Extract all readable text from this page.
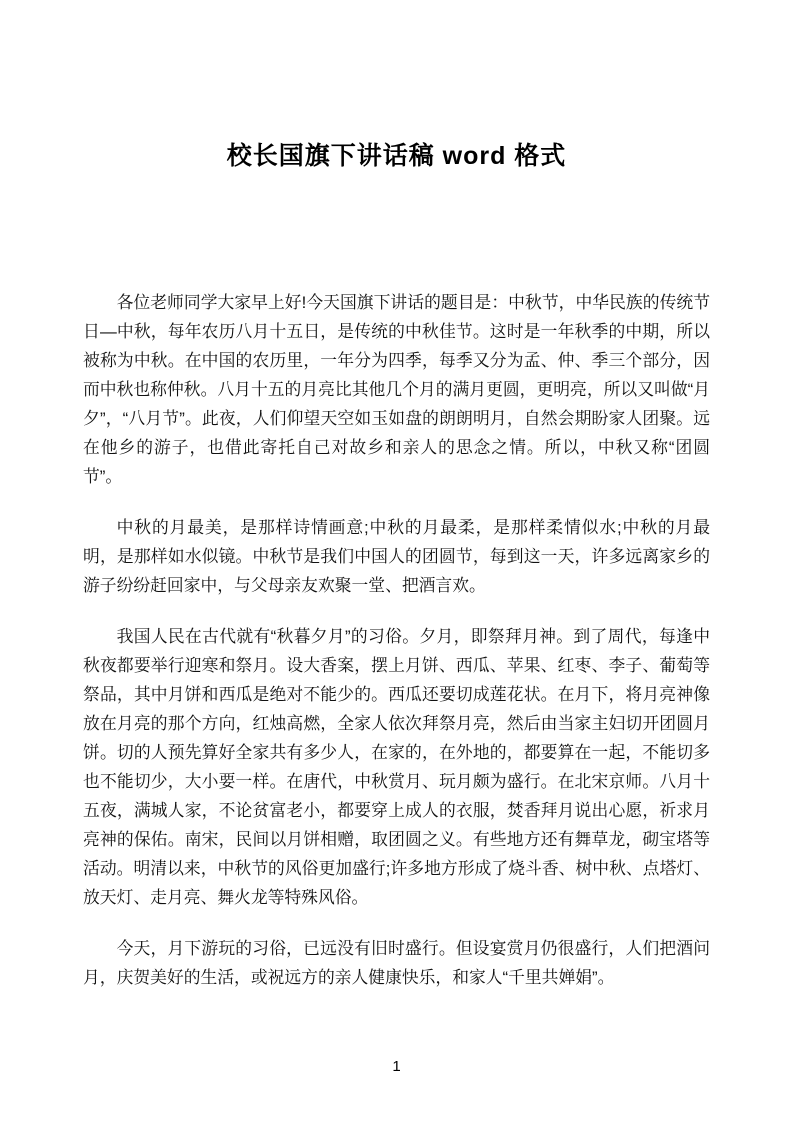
校长国旗下讲话稿 word 格式

各位老师同学大家早上好!今天国旗下讲话的题目是：中秋节，中华民族的传统节日—中秋，每年农历八月十五日，是传统的中秋佳节。这时是一年秋季的中期，所以被称为中秋。在中国的农历里，一年分为四季，每季又分为孟、仲、季三个部分，因而中秋也称仲秋。八月十五的月亮比其他几个月的满月更圆，更明亮，所以又叫做“月夕”，“八月节”。此夜，人们仰望天空如玉如盘的朗朗明月，自然会期盼家人团聚。远在他乡的游子，也借此寄托自己对故乡和亲人的思念之情。所以，中秋又称“团圆节”。

中秋的月最美，是那样诗情画意;中秋的月最柔，是那样柔情似水;中秋的月最明，是那样如水似镜。中秋节是我们中国人的团圆节，每到这一天，许多远离家乡的游子纷纷赶回家中，与父母亲友欢聚一堂、把酒言欢。

我国人民在古代就有“秋暮夕月”的习俗。夕月，即祭拜月神。到了周代，每逢中秋夜都要举行迎寒和祭月。设大香案，摆上月饼、西瓜、苹果、红枣、李子、葡萄等祭品，其中月饼和西瓜是绝对不能少的。西瓜还要切成莲花状。在月下，将月亮神像放在月亮的那个方向，红烛高燃，全家人依次拜祭月亮，然后由当家主妇切开团圆月饼。切的人预先算好全家共有多少人，在家的，在外地的，都要算在一起，不能切多也不能切少，大小要一样。在唐代，中秋赏月、玩月颇为盛行。在北宋京师。八月十五夜，满城人家，不论贫富老小，都要穿上成人的衣服，焚香拜月说出心愿，祈求月亮神的保佑。南宋，民间以月饼相赠，取团圆之义。有些地方还有舞草龙，砌宝塔等活动。明清以来，中秋节的风俗更加盛行;许多地方形成了烧斗香、树中秋、点塔灯、放天灯、走月亮、舞火龙等特殊风俗。

今天，月下游玩的习俗，已远没有旧时盛行。但设宴赏月仍很盛行，人们把酒问月，庆贺美好的生活，或祝远方的亲人健康快乐，和家人“千里共婵娟”。

1
